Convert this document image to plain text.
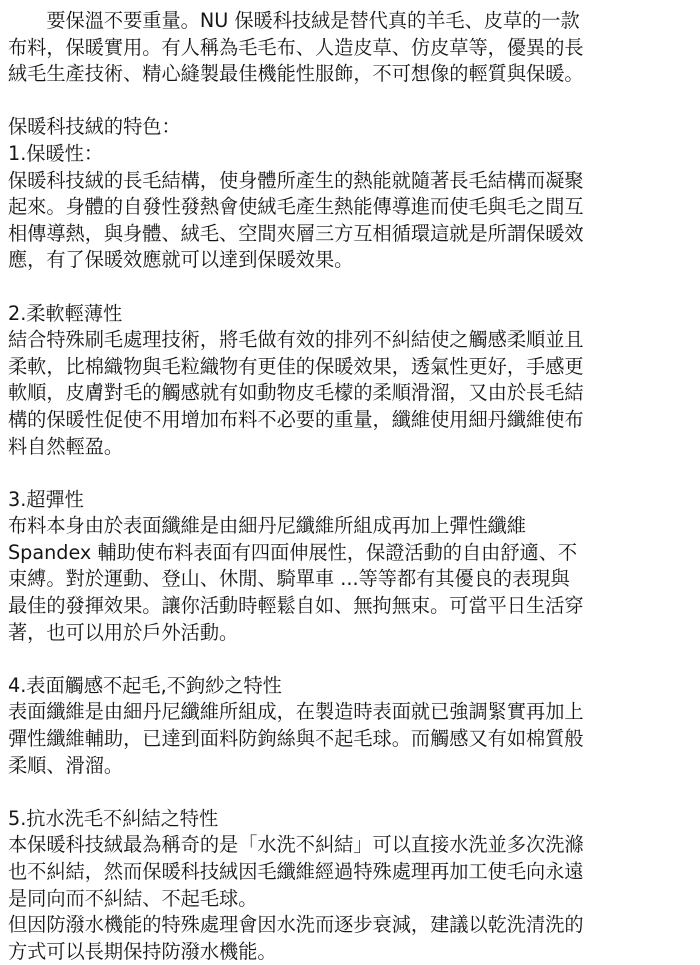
　　要保溫不要重量。NU 保暖科技絨是替代真的羊毛、皮草的一款
布料，保暖實用。有人稱為毛毛布、人造皮草、仿皮草等，優異的長
絨毛生產技術、精心縫製最佳機能性服飾，不可想像的輕質與保暖。

保暖科技絨的特色：

1.保暖性：
保暖科技絨的長毛結構，使身體所產生的熱能就隨著長毛結構而凝聚
起來。身體的自發性發熱會使絨毛產生熱能傳導進而使毛與毛之間互
相傳導熱，與身體、絨毛、空間夾層三方互相循環這就是所謂保暖效
應，有了保暖效應就可以達到保暖效果。

2.柔軟輕薄性
結合特殊刷毛處理技術，將毛做有效的排列不糾結使之觸感柔順並且
柔軟，比棉織物與毛粒織物有更佳的保暖效果，透氣性更好，手感更
軟順，皮膚對毛的觸感就有如動物皮毛檬的柔順滑溜，又由於長毛結
構的保暖性促使不用增加布料不必要的重量，纖維使用細丹纖維使布
料自然輕盈。

3.超彈性
布料本身由於表面纖維是由細丹尼纖維所組成再加上彈性纖維
Spandex 輔助使布料表面有四面伸展性，保證活動的自由舒適、不
束縛。對於運動、登山、休閒、騎單車 ...等等都有其優良的表現與
最佳的發揮效果。讓你活動時輕鬆自如、無拘無束。可當平日生活穿
著，也可以用於戶外活動。

4.表面觸感不起毛,不鉤紗之特性
表面纖維是由細丹尼纖維所組成，在製造時表面就已強調緊實再加上
彈性纖維輔助，已達到面料防鉤絲與不起毛球。而觸感又有如棉質般
柔順、滑溜。

5.抗水洗毛不糾結之特性
本保暖科技絨最為稱奇的是「水洗不糾結」可以直接水洗並多次洗滌
也不糾結，然而保暖科技絨因毛纖維經過特殊處理再加工使毛向永遠
是同向而不糾結、不起毛球。
但因防潑水機能的特殊處理會因水洗而逐步衰減，建議以乾洗清洗的
方式可以長期保持防潑水機能。
